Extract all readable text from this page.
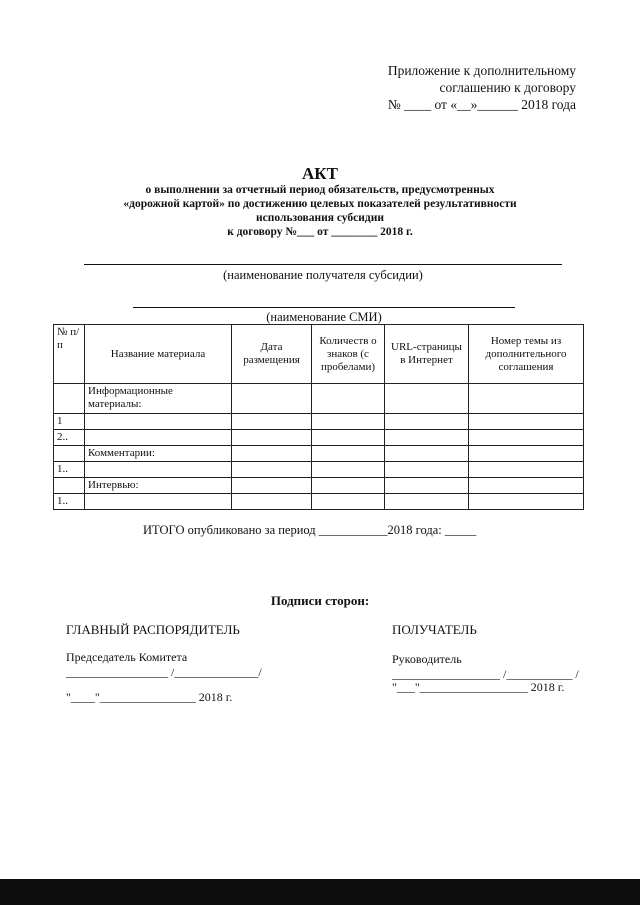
Приложение к дополнительному
соглашению к договору
№ ____ от «__»______ 2018 года
АКТ
о выполнении за отчетный период обязательств, предусмотренных
«дорожной картой» по достижению целевых показателей результативности
использования субсидии
к договору №___ от ________ 2018 г.
(наименование получателя субсидии)
(наименование СМИ)
№ п/п	Название материала	Дата размещения	Количеств о знаков (с пробелами)	URL-страницы в Интернет	Номер темы из дополнительного соглашения
	Информационные материалы:				
1					
2..					
	Комментарии:				
1..					
	Интервью:				
1..					
ИТОГО опубликовано за период ___________2018 года: _____
Подписи сторон:
ГЛАВНЫЙ РАСПОРЯДИТЕЛЬ
Председатель Комитета
_________________ /______________/
"____"________________ 2018 г.
ПОЛУЧАТЕЛЬ
Руководитель
__________________ /___________ /
"___"__________________ 2018 г.
